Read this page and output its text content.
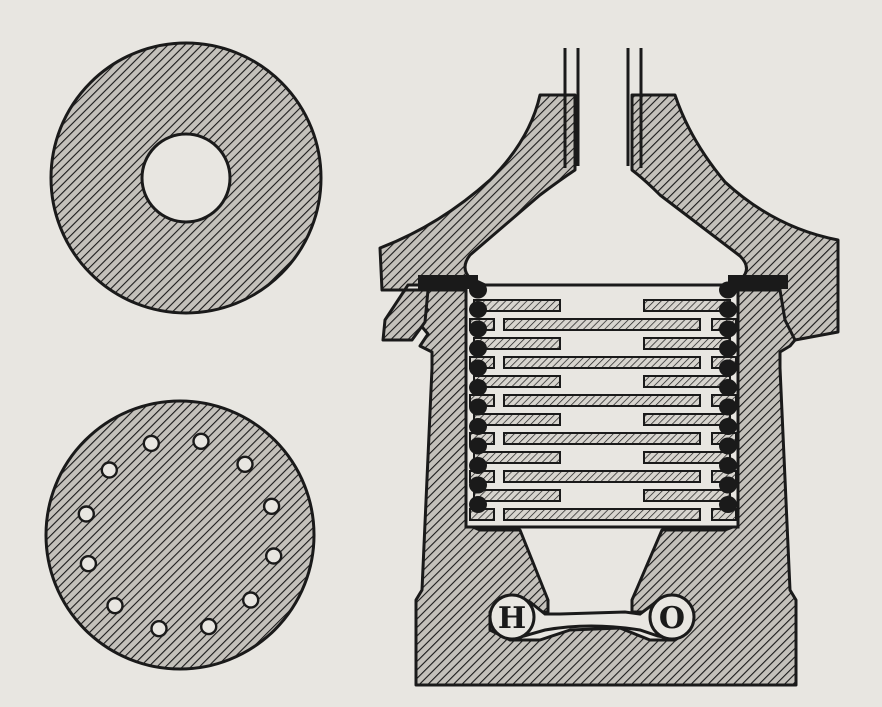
H	O
